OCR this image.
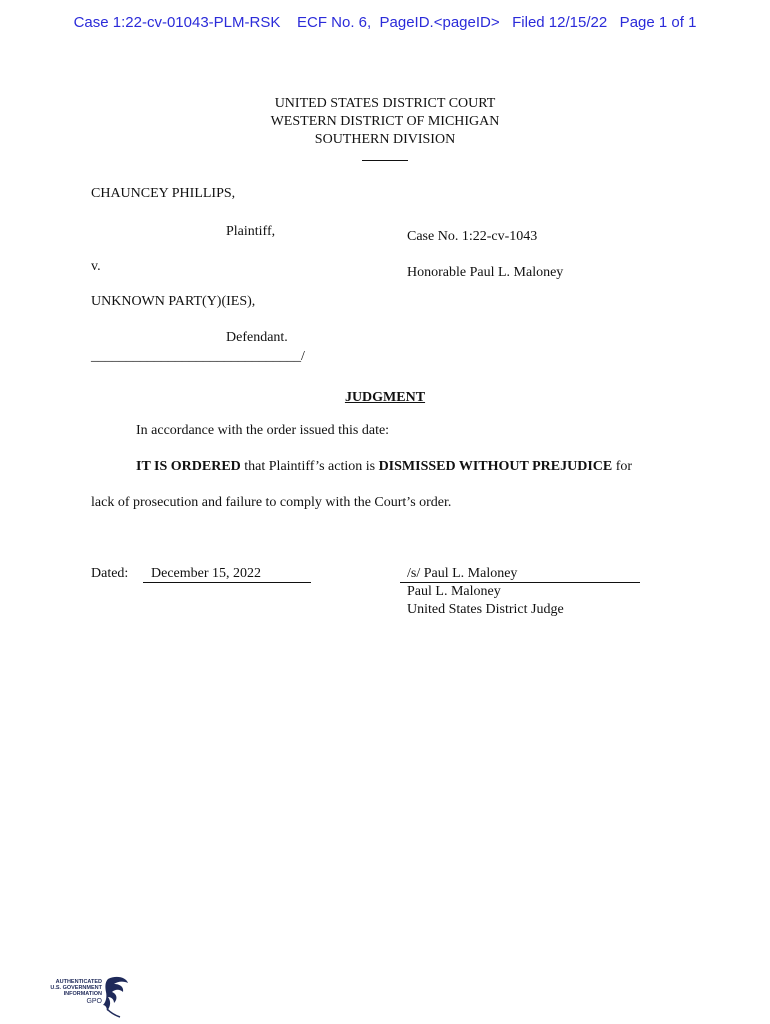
Case 1:22-cv-01043-PLM-RSK    ECF No. 6,  PageID.<pageID>   Filed 12/15/22   Page 1 of 1
UNITED STATES DISTRICT COURT
WESTERN DISTRICT OF MICHIGAN
SOUTHERN DIVISION
CHAUNCEY PHILLIPS,
Plaintiff,	Case No. 1:22-cv-1043
v.	Honorable Paul L. Maloney
UNKNOWN PART(Y)(IES),
Defendant.
______________________________/
JUDGMENT
In accordance with the order issued this date:
IT IS ORDERED that Plaintiff’s action is DISMISSED WITHOUT PREJUDICE for
lack of prosecution and failure to comply with the Court’s order.
Dated: December 15, 2022	/s/ Paul L. Maloney
Paul L. Maloney
United States District Judge
AUTHENTICATED
U.S. GOVERNMENT
INFORMATION
GPO
